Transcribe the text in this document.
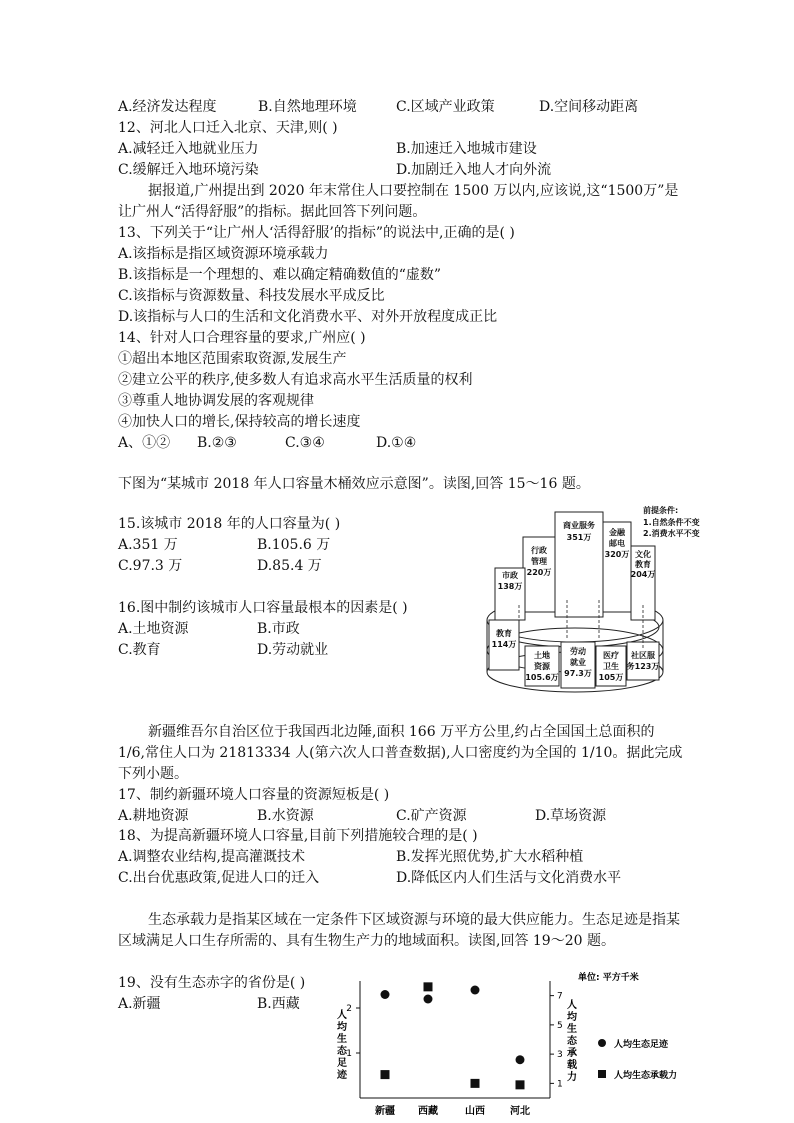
A.经济发达程度	B.自然地理环境	C.区域产业政策	D.空间移动距离
12、河北人口迁入北京、天津,则( )
A.减轻迁入地就业压力	B.加速迁入地城市建设
C.缓解迁入地环境污染	D.加剧迁入地人才向外流
据报道,广州提出到 2020 年末常住人口要控制在 1500 万以内,应该说,这“1500万”是
让广州人“活得舒服”的指标。据此回答下列问题。
13、下列关于“让广州人‘活得舒服’的指标”的说法中,正确的是( )
A.该指标是指区域资源环境承载力
B.该指标是一个理想的、难以确定精确数值的“虚数”
C.该指标与资源数量、科技发展水平成反比
D.该指标与人口的生活和文化消费水平、对外开放程度成正比
14、针对人口合理容量的要求,广州应( )
①超出本地区范围索取资源,发展生产
②建立公平的秩序,使多数人有追求高水平生活质量的权利
③尊重人地协调发展的客观规律
④加快人口的增长,保持较高的增长速度
A、①② B.②③	C.③④	D.①④
下图为“某城市 2018 年人口容量木桶效应示意图”。读图,回答 15～16 题。
15.该城市 2018 年的人口容量为( )
A.351 万	B.105.6 万
C.97.3 万	D.85.4 万
16.图中制约该城市人口容量最根本的因素是( )
A.土地资源	B.市政
C.教育	D.劳动就业
商业服务
351万
行政
管理
220万
金融
邮电
320万 文化
教育
204万
市政
138万
教育
114万
土地
资源
105.6万
劳动
就业
97.3万
医疗
卫生
105万
社区服
务123万
前提条件:
1.自然条件不变
2.消费水平不变
新疆维吾尔自治区位于我国西北边陲,面积 166 万平方公里,约占全国国土总面积的
1/6,常住人口为 21813334 人(第六次人口普查数据),人口密度约为全国的 1/10。据此完成
下列小题。
17、制约新疆环境人口容量的资源短板是( )
A.耕地资源	B.水资源	C.矿产资源	D.草场资源
18、为提高新疆环境人口容量,目前下列措施较合理的是( )
A.调整农业结构,提高灌溉技术	B.发挥光照优势,扩大水稻种植
C.出台优惠政策,促进人口的迁入	D.降低区内人们生活与文化消费水平
生态承载力是指某区域在一定条件下区域资源与环境的最大供应能力。生态足迹是指某
区域满足人口生存所需的、具有生物生产力的地域面积。读图,回答 19～20 题。
19、没有生态赤字的省份是( )
A.新疆	B.西藏
单位: 平方千米
人
均
生
态
足
迹
人
均
生
态
承
载
力
1
2
1
3
5
7
新疆 西藏	山西	河北
人均生态足迹
人均生态承载力
